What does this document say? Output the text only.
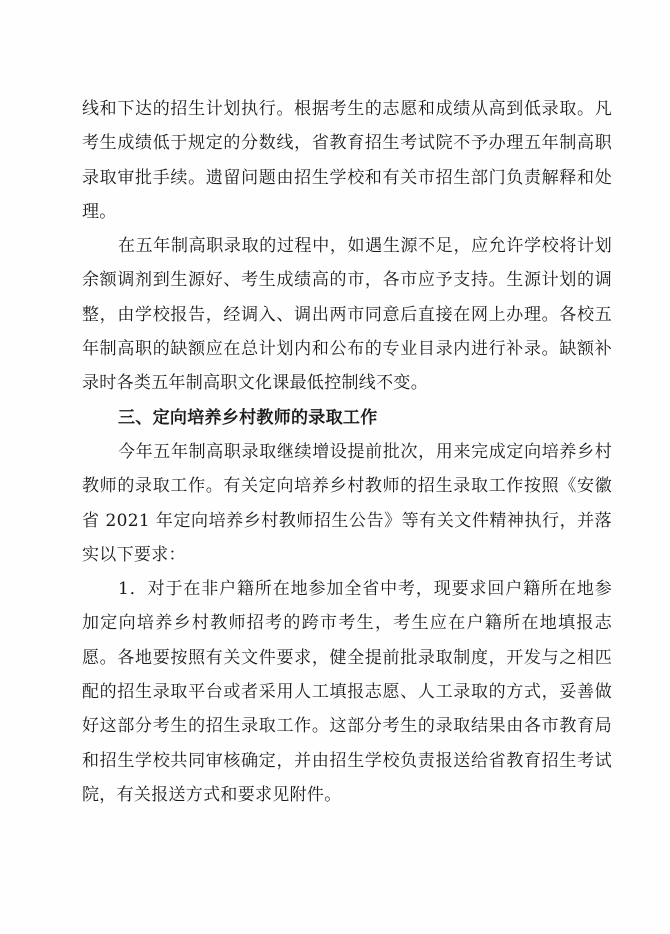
线和下达的招生计划执行。根据考生的志愿和成绩从高到低录取。凡考生成绩低于规定的分数线，省教育招生考试院不予办理五年制高职录取审批手续。遗留问题由招生学校和有关市招生部门负责解释和处理。

在五年制高职录取的过程中，如遇生源不足，应允许学校将计划余额调剂到生源好、考生成绩高的市，各市应予支持。生源计划的调整，由学校报告，经调入、调出两市同意后直接在网上办理。各校五年制高职的缺额应在总计划内和公布的专业目录内进行补录。缺额补录时各类五年制高职文化课最低控制线不变。

三、定向培养乡村教师的录取工作

今年五年制高职录取继续增设提前批次，用来完成定向培养乡村教师的录取工作。有关定向培养乡村教师的招生录取工作按照《安徽省 2021 年定向培养乡村教师招生公告》等有关文件精神执行，并落实以下要求：

1．对于在非户籍所在地参加全省中考，现要求回户籍所在地参加定向培养乡村教师招考的跨市考生，考生应在户籍所在地填报志愿。各地要按照有关文件要求，健全提前批录取制度，开发与之相匹配的招生录取平台或者采用人工填报志愿、人工录取的方式，妥善做好这部分考生的招生录取工作。这部分考生的录取结果由各市教育局和招生学校共同审核确定，并由招生学校负责报送给省教育招生考试院，有关报送方式和要求见附件。
